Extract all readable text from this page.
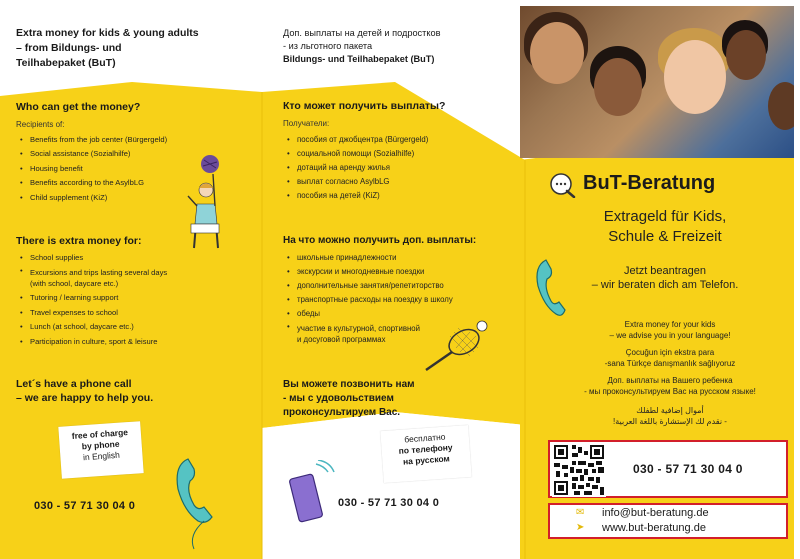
Extra money for kids & young adults
– from Bildungs- und
Teilhabepaket (BuT)
Who can get the money?
Recipients of:
• Benefits from the job center (Bürgergeld)
• Social assistance (Sozialhilfe)
• Housing benefit
• Benefits according to the AsylbLG
• Child supplement (KiZ)
There is extra money for:
• School supplies
• Excursions and trips lasting several days
(with school, daycare etc.)
• Tutoring / learning support
• Travel expenses to school
• Lunch (at school, daycare etc.)
• Participation in culture, sport & leisure
Let´s have a phone call
– we are happy to help you.
free of charge
by phone
in English
030 - 57 71 30 04 0
Доп. выплаты на детей и подростков
- из льготного пакета
Bildungs- und Teilhabepaket (BuT)
Кто может получить выплаты?
Получатели:
• пособия от джобцентра (Bürgergeld)
• социальной помощи (Sozialhilfe)
• дотаций на аренду жилья
• выплат согласно AsylbLG
• пособия на детей (KiZ)
На что можно получить доп. выплаты:
• школьные принадлежности
• экскурсии и многодневные поездки
• дополнительные занятия/репетиторство
• транспортные расходы на поездку в школу
• обеды
• участие в культурной, спортивной
и досуговой программах
Вы можете позвонить нам
- мы с удовольствием
проконсультируем Вас.
бесплатно
по телефону
на русском
030 - 57 71 30 04 0
BuT-Beratung
Extrageld für Kids,
Schule & Freizeit
Jetzt beantragen
– wir beraten dich am Telefon.
Extra money for your kids
– we advise you in your language!
Çocuğun için ekstra para
-sana Türkçe danışmanlık sağlıyoruz
Доп. выплаты на Вашего ребенка
- мы проконсультируем Вас на русском языке!
أموال إضافية لطفلك
- نقدم لك الإستشارة باللغة العربية!
030 - 57 71 30 04 0
✉
➤
info@but-beratung.de
www.but-beratung.de
